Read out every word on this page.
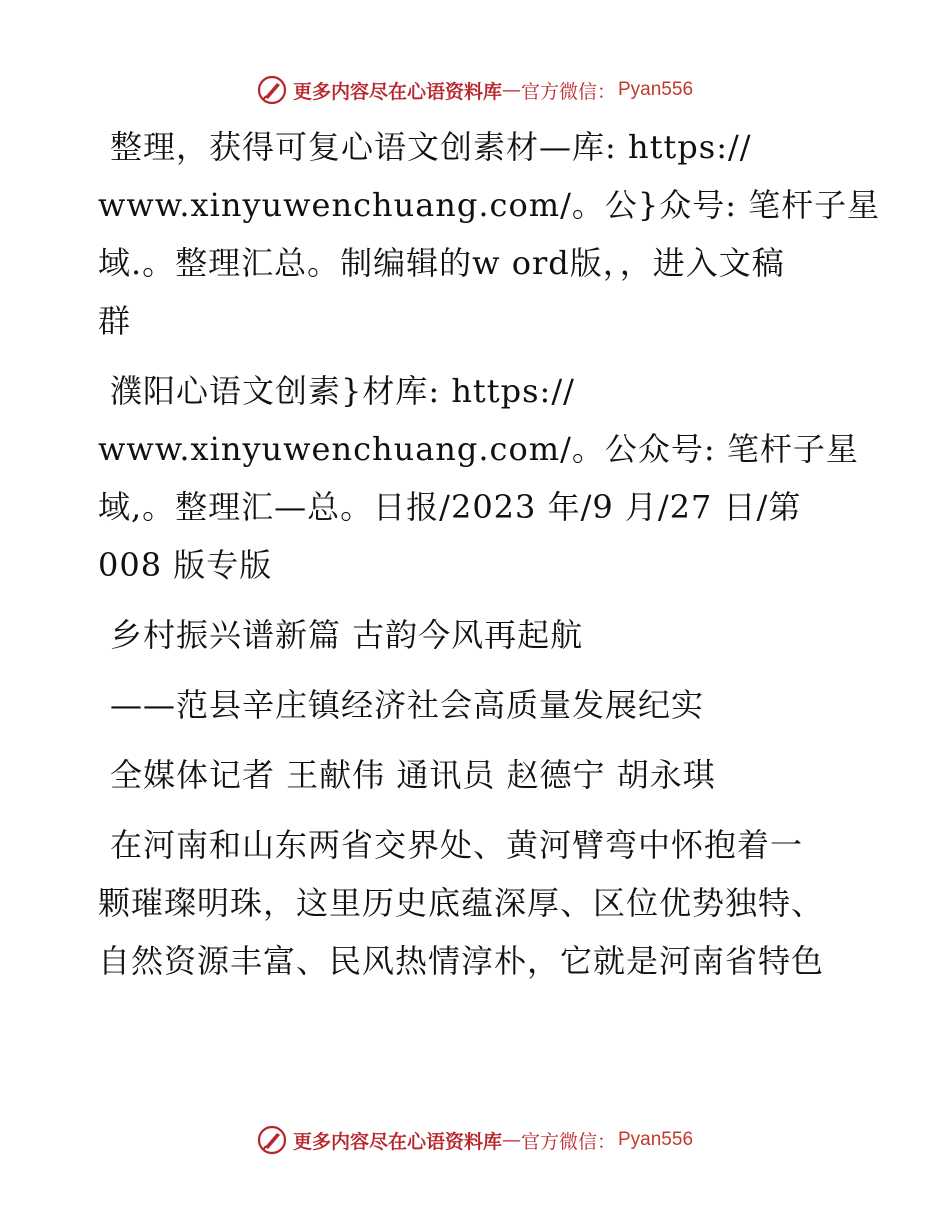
更多内容尽在心语资料库 — 官方微信： Pyan556
整理，获得可复心语文创素材—库: https://
www.xinyuwenchuang.com/。公}众号: 笔杆子星
域.。整理汇总。制编辑的w ord版，，进入文稿
群
濮阳心语文创素}材库: https://
www.xinyuwenchuang.com/。公众号: 笔杆子星
域,。整理汇—总。日报/2023 年/9 月/27 日/第
008 版专版
乡村振兴谱新篇 古韵今风再起航
——范县辛庄镇经济社会高质量发展纪实
全媒体记者 王献伟 通讯员 赵德宁 胡永琪
在河南和山东两省交界处、黄河臂弯中怀抱着一
颗璀璨明珠，这里历史底蕴深厚、区位优势独特、
自然资源丰富、民风热情淳朴，它就是河南省特色
更多内容尽在心语资料库 — 官方微信： Pyan556
